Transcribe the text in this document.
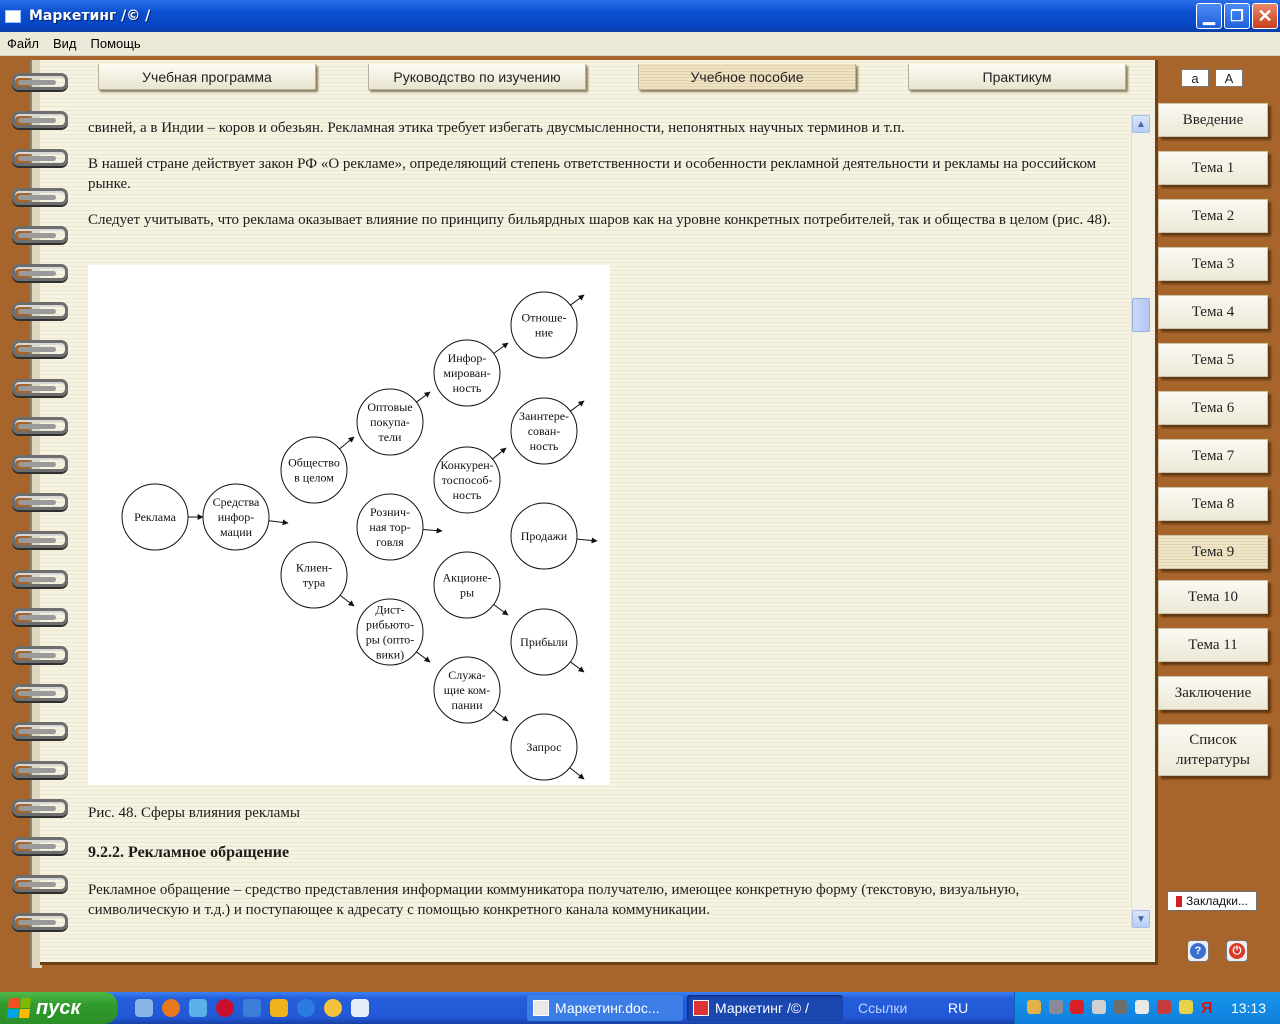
Маркетинг /© /	▁	❐ ✕
Файл	Вид	Помощь
Учебная программа	Руководство по изучению	Учебное пособие	Практикум

свиней, а в Индии – коров и обезьян. Рекламная этика требует избегать двусмысленности, непонятных научных терминов и т.п.

В нашей стране действует закон РФ «О рекламе», определяющий степень ответственности и особенности рекламной деятельности и рекламы на российском рынке.

Следует учитывать, что реклама оказывает влияние по принципу бильярдных шаров как на уровне конкретных потребителей, так и общества в целом (рис. 48).

Рис. 48. Сферы влияния рекламы

9.2.2. Рекламное обращение

Рекламное обращение – средство представления информации коммуникатора получателю, имеющее конкретную форму (текстовую, визуальную, символическую и т.д.) и поступающее к адресату с помощью конкретного канала коммуникации.

Реклама
Средства
инфор-
мации
Общество
в целом
Клиен-
тура
Оптовые
покупа-
тели
Рознич-
ная тор-
говля
Дист-
рибьюто-
ры (опто-
вики)
Инфор-
мирован-
ность
Конкурен-
тоспособ-
ность
Акционе-
ры
Служа-
щие ком-
пании
Отноше-
ние
Заинтере-
сован-
ность
Продажи
Прибыли
Запрос
▲
▼
a	A
Введение
Тема 1
Тема 2
Тема 3
Тема 4
Тема 5
Тема 6
Тема 7
Тема 8
Тема 9
Тема 10
Тема 11
Заключение
Список литературы
Закладки...
?	⏻
пуск	Маркетинг.doc...	Маркетинг /© /	Ссылки	RU	Я 13:13
